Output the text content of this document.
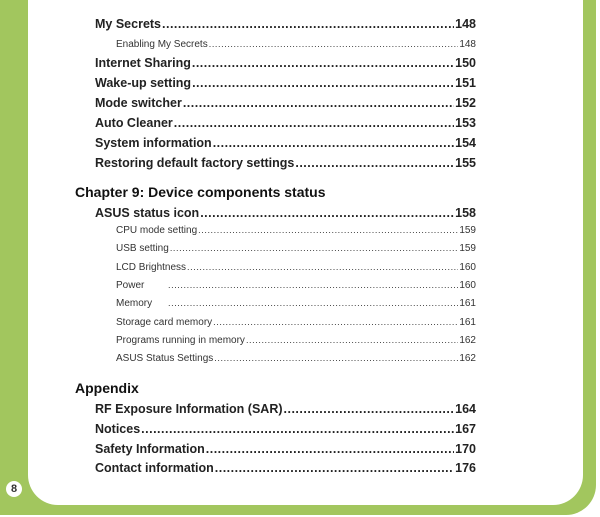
8
My Secrets .....	148
Enabling My Secrets .....	148
Internet Sharing .....	150
Wake-up setting .....	151
Mode switcher .....	152
Auto Cleaner .....	153
System information .....	154
Restoring default factory settings .....	155
Chapter 9: Device components status
ASUS status icon .....	158
CPU mode setting .....	159
USB setting .....	159
LCD Brightness .....	160
Power .....	160
Memory .....	161
Storage card memory .....	161
Programs running in memory .....	162
ASUS Status Settings .....	162
Appendix
RF Exposure Information (SAR) .....	164
Notices .....	167
Safety Information .....	170
Contact information .....	176
